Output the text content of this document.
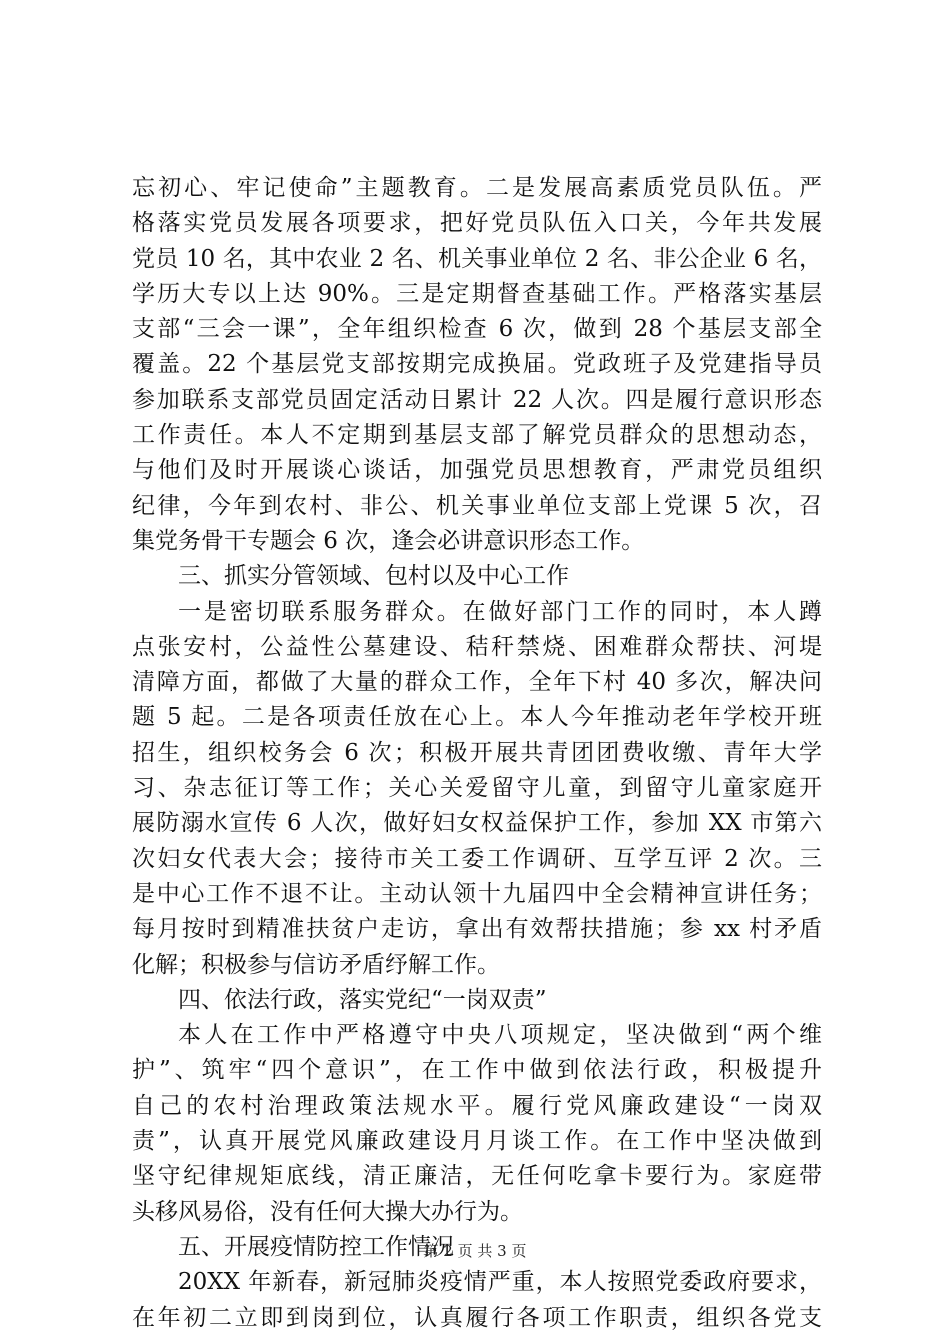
忘初心、牢记使命”主题教育。二是发展高素质党员队伍。严
格落实党员发展各项要求，把好党员队伍入口关，今年共发展
党员 10 名，其中农业 2 名、机关事业单位 2 名、非公企业 6 名，
学历大专以上达 90%。三是定期督查基础工作。严格落实基层
支部“三会一课”，全年组织检查 6 次，做到 28 个基层支部全
覆盖。22 个基层党支部按期完成换届。党政班子及党建指导员
参加联系支部党员固定活动日累计 22 人次。四是履行意识形态
工作责任。本人不定期到基层支部了解党员群众的思想动态，
与他们及时开展谈心谈话，加强党员思想教育，严肃党员组织
纪律，今年到农村、非公、机关事业单位支部上党课 5 次，召
集党务骨干专题会 6 次，逢会必讲意识形态工作。
三、抓实分管领域、包村以及中心工作
一是密切联系服务群众。在做好部门工作的同时，本人蹲
点张安村，公益性公墓建设、秸秆禁烧、困难群众帮扶、河堤
清障方面，都做了大量的群众工作，全年下村 40 多次，解决问
题 5 起。二是各项责任放在心上。本人今年推动老年学校开班
招生，组织校务会 6 次；积极开展共青团团费收缴、青年大学
习、杂志征订等工作；关心关爱留守儿童，到留守儿童家庭开
展防溺水宣传 6 人次，做好妇女权益保护工作，参加 XX 市第六
次妇女代表大会；接待市关工委工作调研、互学互评 2 次。三
是中心工作不退不让。主动认领十九届四中全会精神宣讲任务；
每月按时到精准扶贫户走访，拿出有效帮扶措施；参 xx 村矛盾
化解；积极参与信访矛盾纾解工作。
四、依法行政，落实党纪“一岗双责”
本人在工作中严格遵守中央八项规定，坚决做到“两个维
护”、筑牢“四个意识”，在工作中做到依法行政，积极提升
自己的农村治理政策法规水平。履行党风廉政建设“一岗双
责”，认真开展党风廉政建设月月谈工作。在工作中坚决做到
坚守纪律规矩底线，清正廉洁，无任何吃拿卡要行为。家庭带
头移风易俗，没有任何大操大办行为。
五、开展疫情防控工作情况
20XX 年新春，新冠肺炎疫情严重，本人按照党委政府要求，
在年初二立即到岗到位，认真履行各项工作职责，组织各党支
第 2 页 共 3 页
